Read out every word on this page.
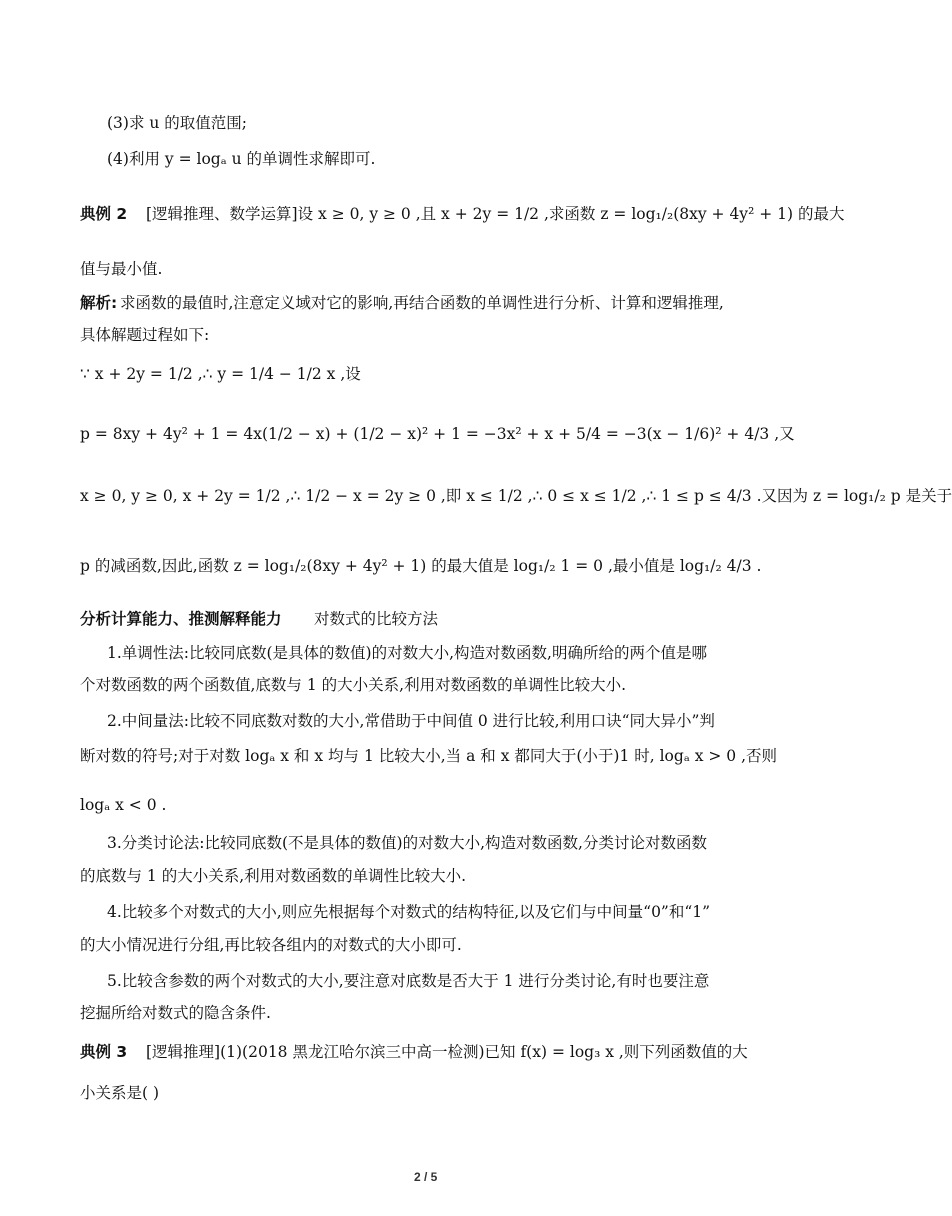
(3)求 u 的取值范围;
(4)利用 y = logₐ u 的单调性求解即可.
典例 2 [逻辑推理、数学运算]设 x ≥ 0, y ≥ 0 ,且 x + 2y = 1/2 ,求函数 z = log₁/₂(8xy + 4y² + 1) 的最大
值与最小值.
解析: 求函数的最值时,注意定义域对它的影响,再结合函数的单调性进行分析、计算和逻辑推理,
具体解题过程如下:
∵ x + 2y = 1/2 ,∴ y = 1/4 − 1/2 x ,设
p = 8xy + 4y² + 1 = 4x(1/2 − x) + (1/2 − x)² + 1 = −3x² + x + 5/4 = −3(x − 1/6)² + 4/3 ,又
x ≥ 0, y ≥ 0, x + 2y = 1/2 ,∴ 1/2 − x = 2y ≥ 0 ,即 x ≤ 1/2 ,∴ 0 ≤ x ≤ 1/2 ,∴ 1 ≤ p ≤ 4/3 .又因为 z = log₁/₂ p 是关于
p 的减函数,因此,函数 z = log₁/₂(8xy + 4y² + 1) 的最大值是 log₁/₂ 1 = 0 ,最小值是 log₁/₂ 4/3 .
分析计算能力、推测解释能力 对数式的比较方法
1.单调性法:比较同底数(是具体的数值)的对数大小,构造对数函数,明确所给的两个值是哪
个对数函数的两个函数值,底数与 1 的大小关系,利用对数函数的单调性比较大小.
2.中间量法:比较不同底数对数的大小,常借助于中间值 0 进行比较,利用口诀“同大异小”判
断对数的符号;对于对数 logₐ x 和 x 均与 1 比较大小,当 a 和 x 都同大于(小于)1 时, logₐ x > 0 ,否则
logₐ x < 0 .
3.分类讨论法:比较同底数(不是具体的数值)的对数大小,构造对数函数,分类讨论对数函数
的底数与 1 的大小关系,利用对数函数的单调性比较大小.
4.比较多个对数式的大小,则应先根据每个对数式的结构特征,以及它们与中间量“0”和“1”
的大小情况进行分组,再比较各组内的对数式的大小即可.
5.比较含参数的两个对数式的大小,要注意对底数是否大于 1 进行分类讨论,有时也要注意
挖掘所给对数式的隐含条件.
典例 3 [逻辑推理](1)(2018 黑龙江哈尔滨三中高一检测)已知 f(x) = log₃ x ,则下列函数值的大
小关系是( )
2 / 5
